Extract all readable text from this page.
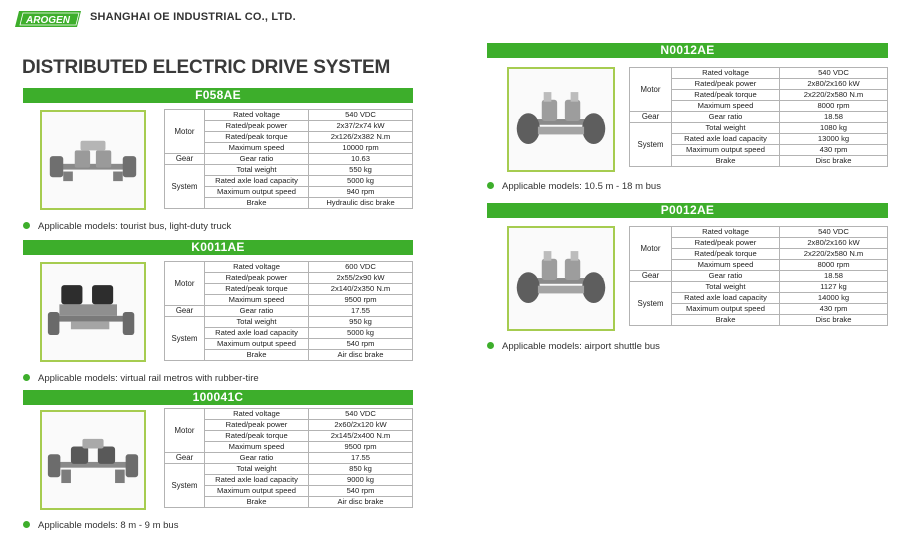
AROGEN SHANGHAI OE INDUSTRIAL CO., LTD.
DISTRIBUTED ELECTRIC DRIVE SYSTEM
F058AE
Motor	Rated voltage	540 VDC
	Rated/peak power	2x37/2x74 kW
	Rated/peak torque	2x126/2x382 N.m
	Maximum speed	10000 rpm
Gear	Gear ratio	10.63
System	Total weight	550 kg
	Rated axle load capacity	5000 kg
	Maximum output speed	940 rpm
	Brake	Hydraulic disc brake
Applicable models: tourist bus, light-duty truck
K0011AE
Motor	Rated voltage	600 VDC
	Rated/peak power	2x55/2x90 kW
	Rated/peak torque	2x140/2x350 N.m
	Maximum speed	9500 rpm
Gear	Gear ratio	17.55
System	Total weight	950 kg
	Rated axle load capacity	5000 kg
	Maximum output speed	540 rpm
	Brake	Air disc brake
Applicable models: virtual rail metros with rubber-tire
100041C
Motor	Rated voltage	540 VDC
	Rated/peak power	2x60/2x120 kW
	Rated/peak torque	2x145/2x400 N.m
	Maximum speed	9500 rpm
Gear	Gear ratio	17.55
System	Total weight	850 kg
	Rated axle load capacity	9000 kg
	Maximum output speed	540 rpm
	Brake	Air disc brake
Applicable models: 8 m - 9 m bus
N0012AE
Motor	Rated voltage	540 VDC
	Rated/peak power	2x80/2x160 kW
	Rated/peak torque	2x220/2x580 N.m
	Maximum speed	8000 rpm
Gear	Gear ratio	18.58
System	Total weight	1080 kg
	Rated axle load capacity	13000 kg
	Maximum output speed	430 rpm
	Brake	Disc brake
Applicable models: 10.5 m - 18 m bus
P0012AE
Motor	Rated voltage	540 VDC
	Rated/peak power	2x80/2x160 kW
	Rated/peak torque	2x220/2x580 N.m
	Maximum speed	8000 rpm
Gear	Gear ratio	18.58
System	Total weight	1127 kg
	Rated axle load capacity	14000 kg
	Maximum output speed	430 rpm
	Brake	Disc brake
Applicable models: airport shuttle bus
